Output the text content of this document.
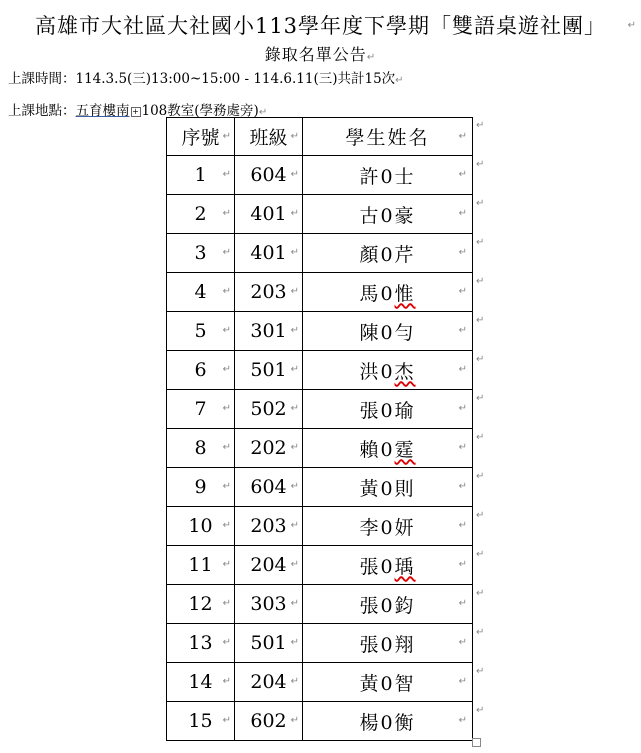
高雄市大社區大社國小113學年度下學期「雙語桌遊社團」 ↵
錄取名單公告↵
上課時間：114.3.5(三)13:00~15:00 - 114.6.11(三)共計15次↵
上課地點：五育樓南 + 108教室(學務處旁)↵
序號 ↵	班級 ↵	學生姓名 ↵

1 ↵	604 ↵	許0士 ↵

2 ↵	401 ↵	古0豪 ↵

3 ↵	401 ↵	顏0芹 ↵

4 ↵	203 ↵	馬0惟 ↵

5 ↵	301 ↵	陳0勻 ↵

6 ↵	501 ↵	洪0杰 ↵

7 ↵	502 ↵	張0瑜 ↵

8 ↵	202 ↵	賴0霆 ↵

9 ↵	604 ↵	黃0則 ↵

10 ↵	203 ↵	李0妍 ↵

11 ↵	204 ↵	張0瑀 ↵

12 ↵	303 ↵	張0鈞 ↵

13 ↵	501 ↵	張0翔 ↵

14 ↵	204 ↵	黃0智 ↵

15 ↵	602 ↵	楊0衡 ↵
↵
↵
↵
↵
↵
↵
↵
↵
↵
↵
↵
↵
↵
↵
↵
↵
